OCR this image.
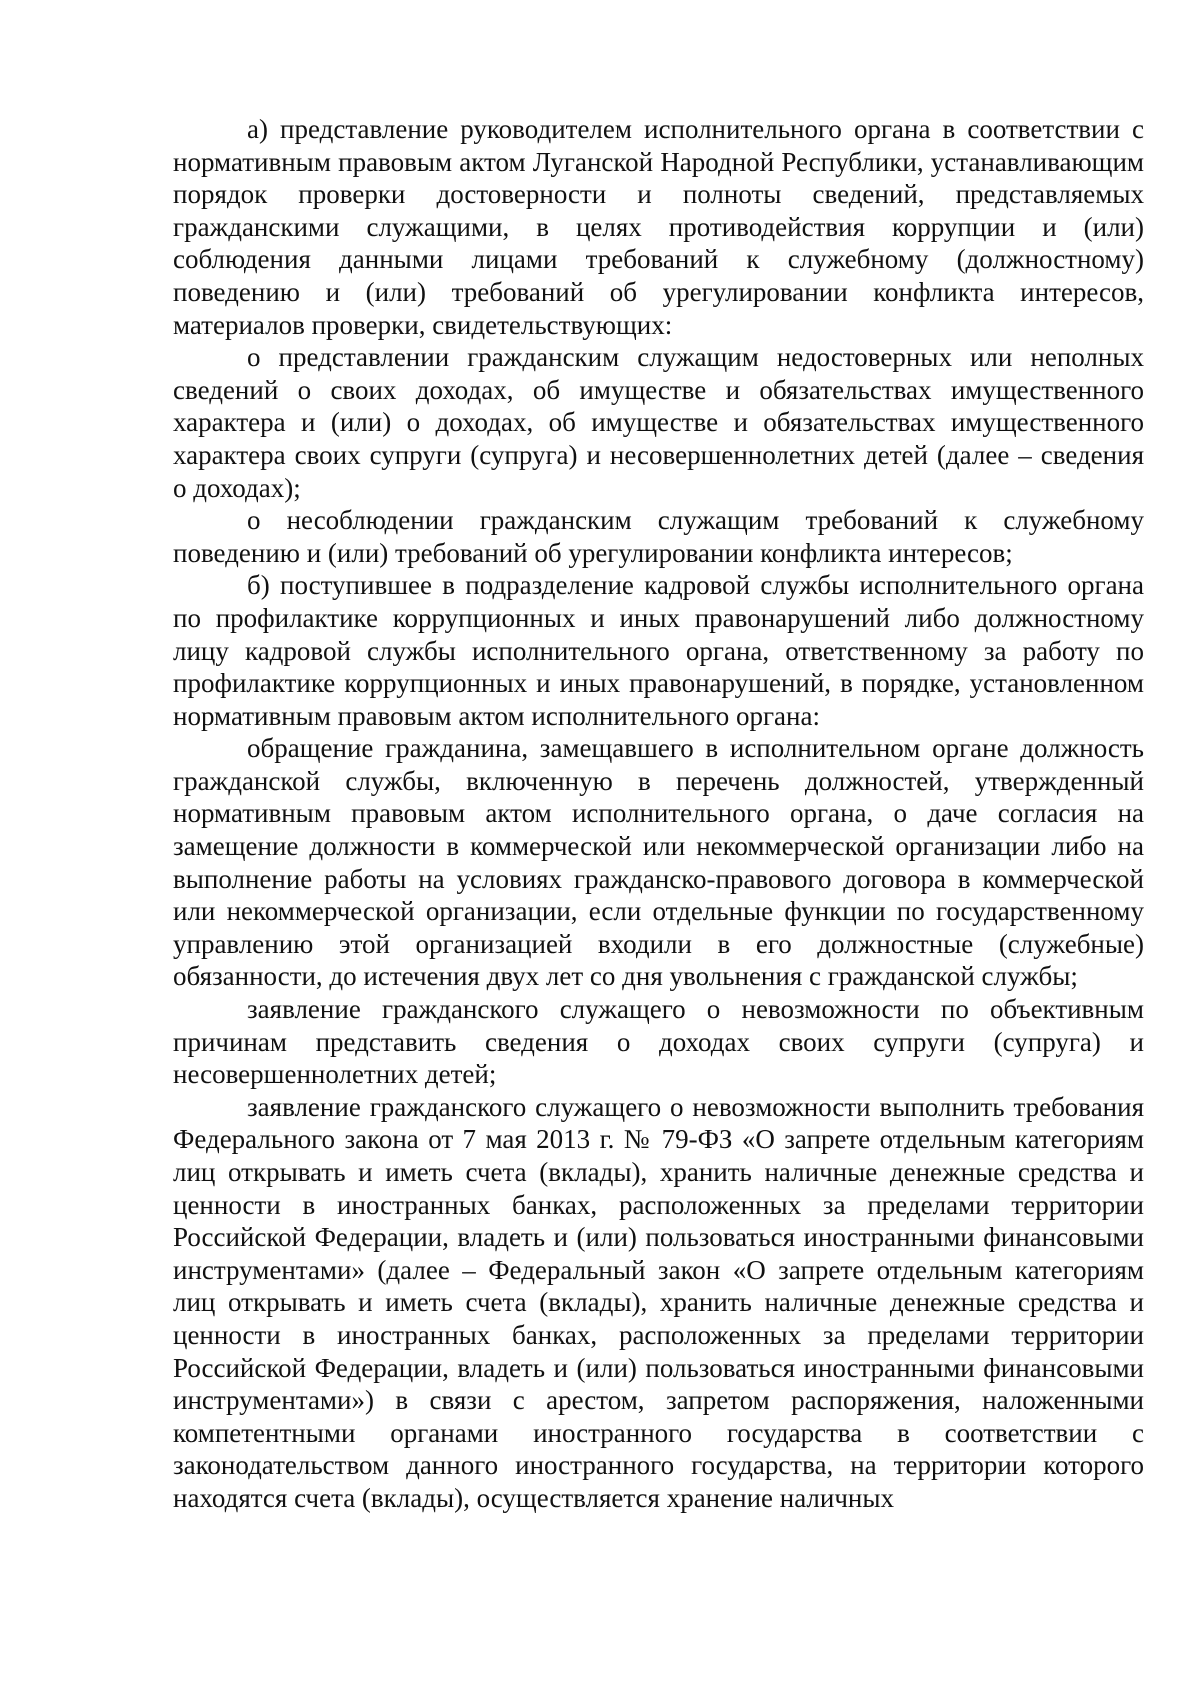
а) представление руководителем исполнительного органа в соответствии с нормативным правовым актом Луганской Народной Республики, устанавливающим порядок проверки достоверности и полноты сведений, представляемых гражданскими служащими, в целях противодействия коррупции и (или) соблюдения данными лицами требований к служебному (должностному) поведению и (или) требований об урегулировании конфликта интересов, материалов проверки, свидетельствующих:

о представлении гражданским служащим недостоверных или неполных сведений о своих доходах, об имуществе и обязательствах имущественного характера и (или) о доходах, об имуществе и обязательствах имущественного характера своих супруги (супруга) и несовершеннолетних детей (далее – сведения о доходах);

о несоблюдении гражданским служащим требований к служебному поведению и (или) требований об урегулировании конфликта интересов;

б) поступившее в подразделение кадровой службы исполнительного органа по профилактике коррупционных и иных правонарушений либо должностному лицу кадровой службы исполнительного органа, ответственному за работу по профилактике коррупционных и иных правонарушений, в порядке, установленном нормативным правовым актом исполнительного органа:

обращение гражданина, замещавшего в исполнительном органе должность гражданской службы, включенную в перечень должностей, утвержденный нормативным правовым актом исполнительного органа, о даче согласия на замещение должности в коммерческой или некоммерческой организации либо на выполнение работы на условиях гражданско-правового договора в коммерческой или некоммерческой организации, если отдельные функции по государственному управлению этой организацией входили в его должностные (служебные) обязанности, до истечения двух лет со дня увольнения с гражданской службы;

заявление гражданского служащего о невозможности по объективным причинам представить сведения о доходах своих супруги (супруга) и несовершеннолетних детей;

заявление гражданского служащего о невозможности выполнить требования Федерального закона от 7 мая 2013 г. № 79-ФЗ «О запрете отдельным категориям лиц открывать и иметь счета (вклады), хранить наличные денежные средства и ценности в иностранных банках, расположенных за пределами территории Российской Федерации, владеть и (или) пользоваться иностранными финансовыми инструментами» (далее – Федеральный закон «О запрете отдельным категориям лиц открывать и иметь счета (вклады), хранить наличные денежные средства и ценности в иностранных банках, расположенных за пределами территории Российской Федерации, владеть и (или) пользоваться иностранными финансовыми инструментами») в связи с арестом, запретом распоряжения, наложенными компетентными органами иностранного государства в соответствии с законодательством данного иностранного государства, на территории которого находятся счета (вклады), осуществляется хранение наличных
